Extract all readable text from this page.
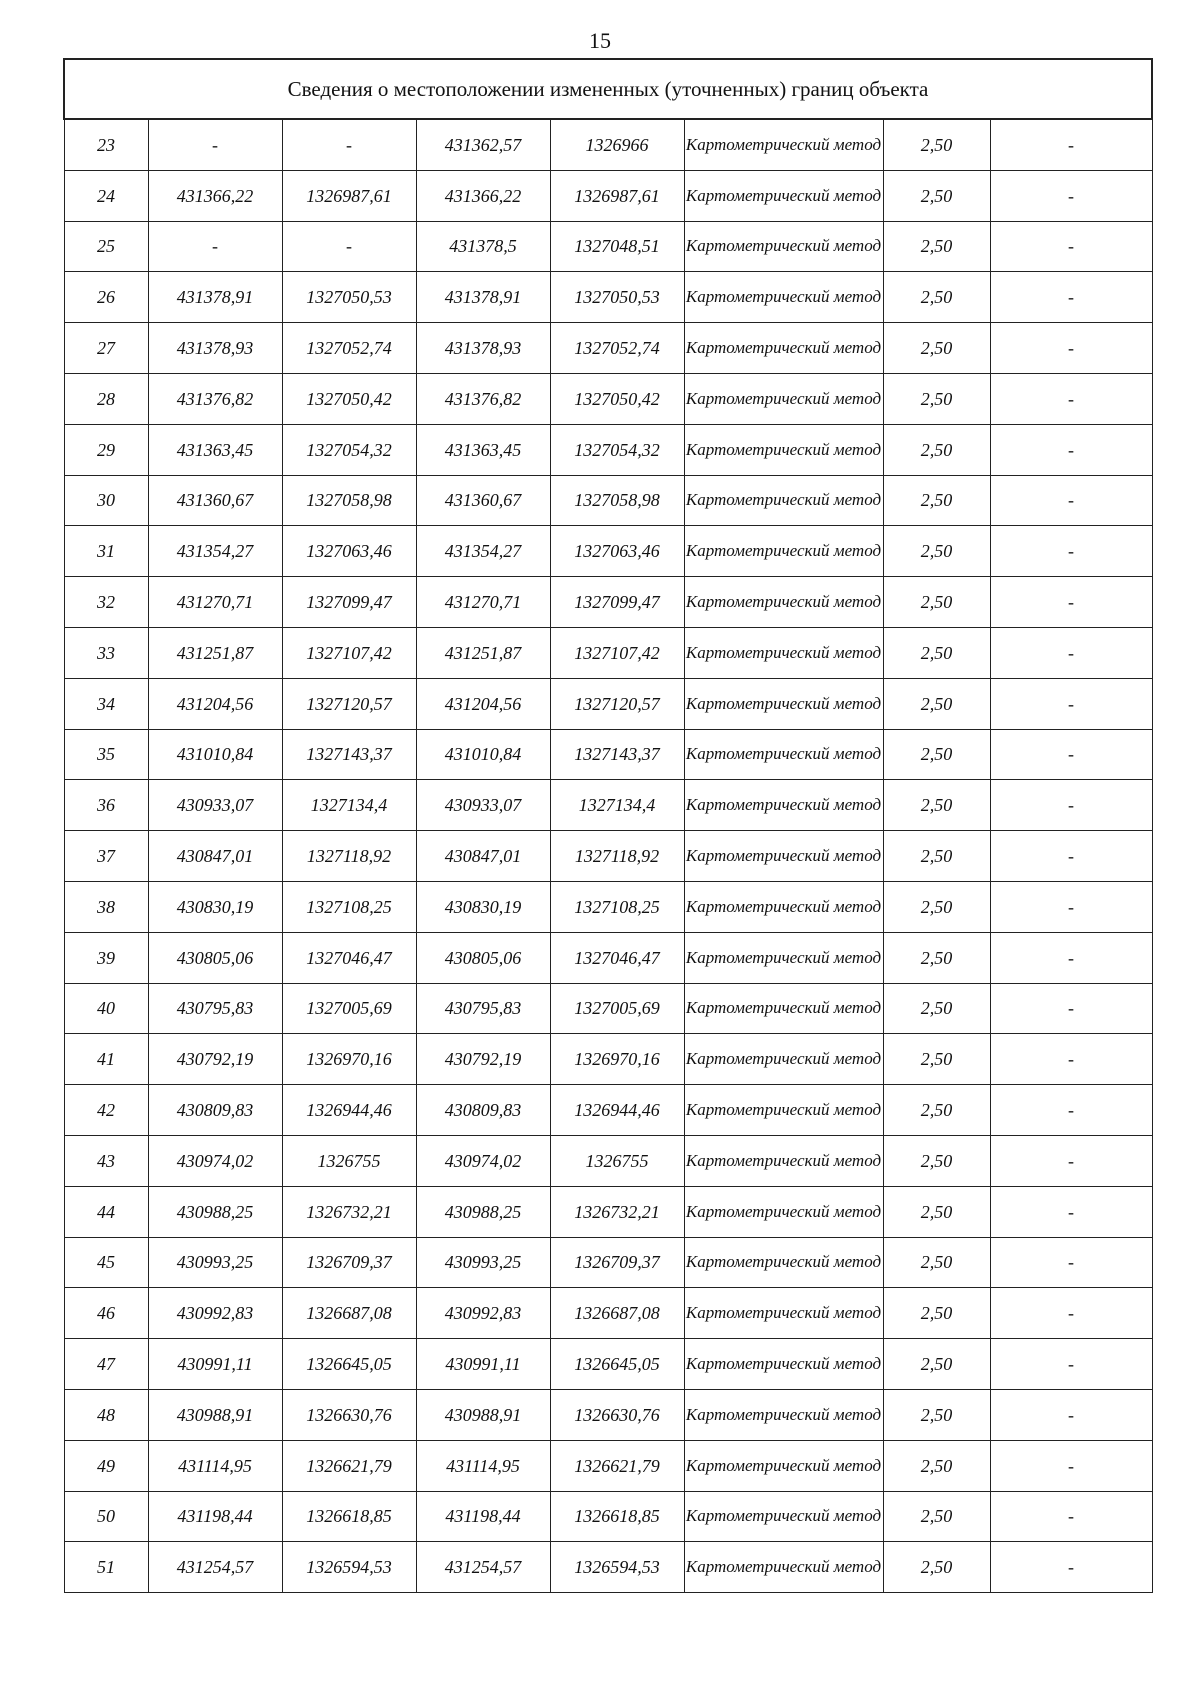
15
Сведения о местоположении измененных (уточненных) границ объекта							
23	-	-	431362,57	1326966	Картометрический метод	2,50	-
24	431366,22	1326987,61	431366,22	1326987,61	Картометрический метод	2,50	-
25	-	-	431378,5	1327048,51	Картометрический метод	2,50	-
26	431378,91	1327050,53	431378,91	1327050,53	Картометрический метод	2,50	-
27	431378,93	1327052,74	431378,93	1327052,74	Картометрический метод	2,50	-
28	431376,82	1327050,42	431376,82	1327050,42	Картометрический метод	2,50	-
29	431363,45	1327054,32	431363,45	1327054,32	Картометрический метод	2,50	-
30	431360,67	1327058,98	431360,67	1327058,98	Картометрический метод	2,50	-
31	431354,27	1327063,46	431354,27	1327063,46	Картометрический метод	2,50	-
32	431270,71	1327099,47	431270,71	1327099,47	Картометрический метод	2,50	-
33	431251,87	1327107,42	431251,87	1327107,42	Картометрический метод	2,50	-
34	431204,56	1327120,57	431204,56	1327120,57	Картометрический метод	2,50	-
35	431010,84	1327143,37	431010,84	1327143,37	Картометрический метод	2,50	-
36	430933,07	1327134,4	430933,07	1327134,4	Картометрический метод	2,50	-
37	430847,01	1327118,92	430847,01	1327118,92	Картометрический метод	2,50	-
38	430830,19	1327108,25	430830,19	1327108,25	Картометрический метод	2,50	-
39	430805,06	1327046,47	430805,06	1327046,47	Картометрический метод	2,50	-
40	430795,83	1327005,69	430795,83	1327005,69	Картометрический метод	2,50	-
41	430792,19	1326970,16	430792,19	1326970,16	Картометрический метод	2,50	-
42	430809,83	1326944,46	430809,83	1326944,46	Картометрический метод	2,50	-
43	430974,02	1326755	430974,02	1326755	Картометрический метод	2,50	-
44	430988,25	1326732,21	430988,25	1326732,21	Картометрический метод	2,50	-
45	430993,25	1326709,37	430993,25	1326709,37	Картометрический метод	2,50	-
46	430992,83	1326687,08	430992,83	1326687,08	Картометрический метод	2,50	-
47	430991,11	1326645,05	430991,11	1326645,05	Картометрический метод	2,50	-
48	430988,91	1326630,76	430988,91	1326630,76	Картометрический метод	2,50	-
49	431114,95	1326621,79	431114,95	1326621,79	Картометрический метод	2,50	-
50	431198,44	1326618,85	431198,44	1326618,85	Картометрический метод	2,50	-
51	431254,57	1326594,53	431254,57	1326594,53	Картометрический метод	2,50	-
